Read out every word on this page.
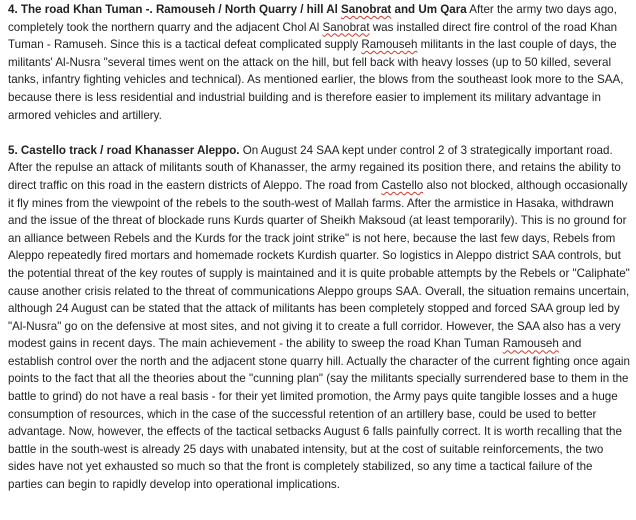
4. The road Khan Tuman -. Ramouseh / North Quarry / hill Al Sanobrat and Um Qara After the army two days ago, completely took the northern quarry and the adjacent Chol Al Sanobrat was installed direct fire control of the road Khan Tuman - Ramuseh. Since this is a tactical defeat complicated supply Ramouseh militants in the last couple of days, the militants' Al-Nusra "several times went on the attack on the hill, but fell back with heavy losses (up to 50 killed, several tanks, infantry fighting vehicles and technical). As mentioned earlier, the blows from the southeast look more to the SAA, because there is less residential and industrial building and is therefore easier to implement its military advantage in armored vehicles and artillery.

5. Castello track / road Khanasser Aleppo. On August 24 SAA kept under control 2 of 3 strategically important road. After the repulse an attack of militants south of Khanasser, the army regained its position there, and retains the ability to direct traffic on this road in the eastern districts of Aleppo. The road from Castello also not blocked, although occasionally it fly mines from the viewpoint of the rebels to the south-west of Mallah farms. After the armistice in Hasaka, withdrawn and the issue of the threat of blockade runs Kurds quarter of Sheikh Maksoud (at least temporarily). This is no ground for an alliance between Rebels and the Kurds for the track joint strike" is not here, because the last few days, Rebels from Aleppo repeatedly fired mortars and homemade rockets Kurdish quarter. So logistics in Aleppo district SAA controls, but the potential threat of the key routes of supply is maintained and it is quite probable attempts by the Rebels or "Caliphate" cause another crisis related to the threat of communications Aleppo groups SAA. Overall, the situation remains uncertain, although 24 August can be stated that the attack of militants has been completely stopped and forced SAA group led by "Al-Nusra" go on the defensive at most sites, and not giving it to create a full corridor. However, the SAA also has a very modest gains in recent days. The main achievement - the ability to sweep the road Khan Tuman Ramouseh and establish control over the north and the adjacent stone quarry hill. Actually the character of the current fighting once again points to the fact that all the theories about the "cunning plan" (say the militants specially surrendered base to them in the battle to grind) do not have a real basis - for their yet limited promotion, the Army pays quite tangible losses and a huge consumption of resources, which in the case of the successful retention of an artillery base, could be used to better advantage. Now, however, the effects of the tactical setbacks August 6 falls painfully correct. It is worth recalling that the battle in the south-west is already 25 days with unabated intensity, but at the cost of suitable reinforcements, the two sides have not yet exhausted so much so that the front is completely stabilized, so any time a tactical failure of the parties can begin to rapidly develop into operational implications.
